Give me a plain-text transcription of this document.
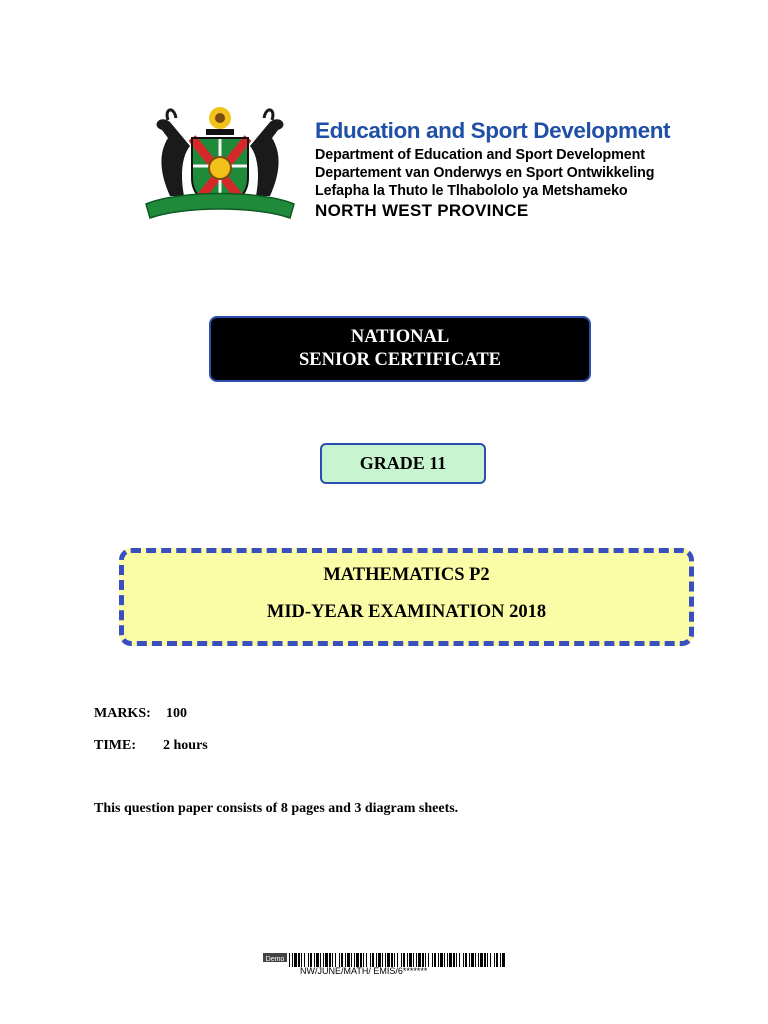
Education and Sport Development
Department of Education and Sport Development
Departement van Onderwys en Sport Ontwikkeling
Lefapha la Thuto le Tlhabololo ya Metshameko
NORTH WEST PROVINCE
NATIONAL
SENIOR CERTIFICATE
GRADE 11
MATHEMATICS P2
MID-YEAR EXAMINATION 2018
MARKS: 100
TIME: 2 hours
This question paper consists of 8 pages and 3 diagram sheets.
Demo
NW/JUNE/MATH/ EMIS/6*******
